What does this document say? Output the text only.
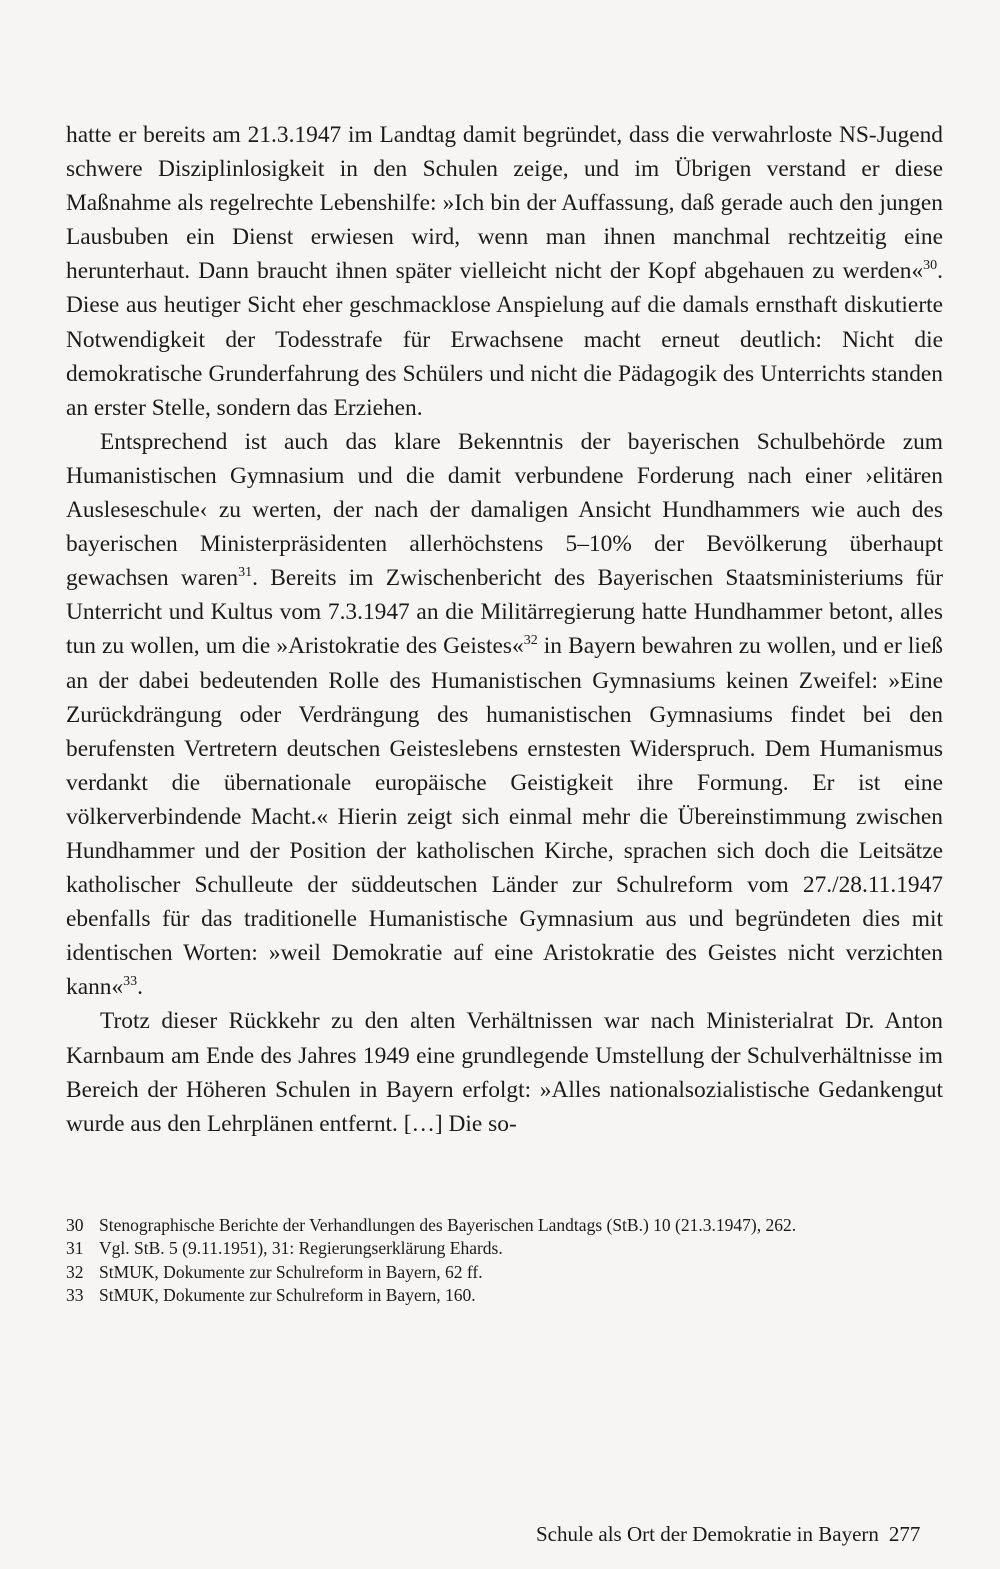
hatte er bereits am 21.3.1947 im Landtag damit begründet, dass die verwahrloste NS-Jugend schwere Disziplinlosigkeit in den Schulen zeige, und im Übrigen verstand er diese Maßnahme als regelrechte Lebenshilfe: »Ich bin der Auffassung, daß gerade auch den jungen Lausbuben ein Dienst erwiesen wird, wenn man ihnen manchmal rechtzeitig eine herunterhaut. Dann braucht ihnen später vielleicht nicht der Kopf abgehauen zu werden«$^{30}$. Diese aus heutiger Sicht eher geschmacklose Anspielung auf die damals ernsthaft diskutierte Notwendigkeit der Todesstrafe für Erwachsene macht erneut deutlich: Nicht die demokratische Grunderfahrung des Schülers und nicht die Pädagogik des Unterrichts standen an erster Stelle, sondern das Erziehen.

Entsprechend ist auch das klare Bekenntnis der bayerischen Schulbehörde zum Humanistischen Gymnasium und die damit verbundene Forderung nach einer ›elitären Ausleseschule‹ zu werten, der nach der damaligen Ansicht Hundhammers wie auch des bayerischen Ministerpräsidenten allerhöchstens 5–10% der Bevölkerung überhaupt gewachsen waren$^{31}$. Bereits im Zwischenbericht des Bayerischen Staatsministeriums für Unterricht und Kultus vom 7.3.1947 an die Militärregierung hatte Hundhammer betont, alles tun zu wollen, um die »Aristokratie des Geistes«$^{32}$ in Bayern bewahren zu wollen, und er ließ an der dabei bedeutenden Rolle des Humanistischen Gymnasiums keinen Zweifel: »Eine Zurückdrängung oder Verdrängung des humanistischen Gymnasiums findet bei den berufensten Vertretern deutschen Geisteslebens ernstesten Widerspruch. Dem Humanismus verdankt die übernationale europäische Geistigkeit ihre Formung. Er ist eine völkerverbindende Macht.« Hierin zeigt sich einmal mehr die Übereinstimmung zwischen Hundhammer und der Position der katholischen Kirche, sprachen sich doch die Leitsätze katholischer Schulleute der süddeutschen Länder zur Schulreform vom 27./28.11.1947 ebenfalls für das traditionelle Humanistische Gymnasium aus und begründeten dies mit identischen Worten: »weil Demokratie auf eine Aristokratie des Geistes nicht verzichten kann«$^{33}$.

Trotz dieser Rückkehr zu den alten Verhältnissen war nach Ministerialrat Dr. Anton Karnbaum am Ende des Jahres 1949 eine grundlegende Umstellung der Schulverhältnisse im Bereich der Höheren Schulen in Bayern erfolgt: »Alles nationalsozialistische Gedankengut wurde aus den Lehrplänen entfernt. […] Die so-

30 Stenographische Berichte der Verhandlungen des Bayerischen Landtags (StB.) 10 (21.3.1947), 262.
31 Vgl. StB. 5 (9.11.1951), 31: Regierungserklärung Ehards.
32 StMUK, Dokumente zur Schulreform in Bayern, 62 ff.
33 StMUK, Dokumente zur Schulreform in Bayern, 160.
Schule als Ort der Demokratie in Bayern 277
